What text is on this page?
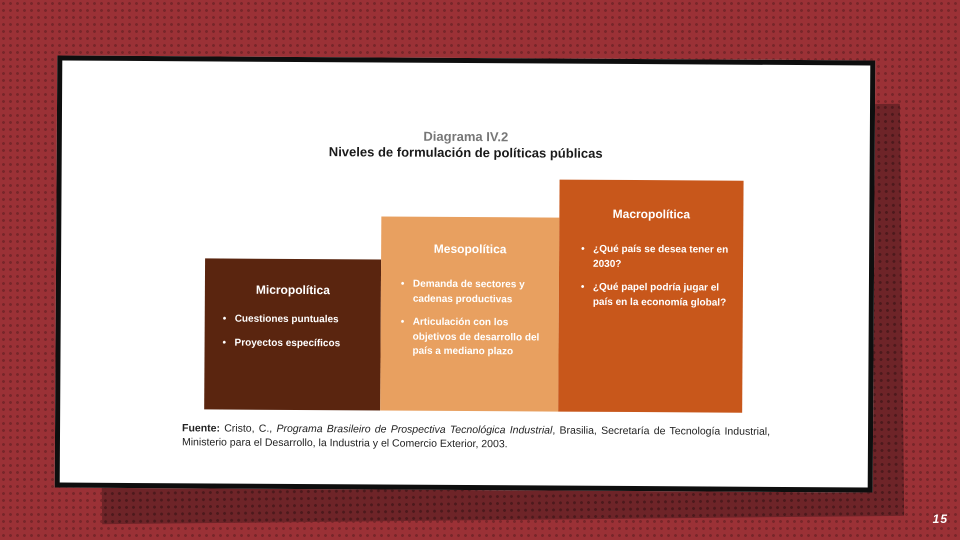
Diagrama IV.2
Niveles de formulación de políticas públicas
Micropolítica
• Cuestiones puntuales
• Proyectos específicos
Mesopolítica
• Demanda de sectores y cadenas productivas
• Articulación con los objetivos de desarrollo del país a mediano plazo
Macropolítica
• ¿Qué país se desea tener en 2030?
• ¿Qué papel podría jugar el país en la economía global?
Fuente: Cristo, C., Programa Brasileiro de Prospectiva Tecnológica Industrial, Brasilia, Secretaría de Tecnología Industrial, Ministerio para el Desarrollo, la Industria y el Comercio Exterior, 2003.
15
